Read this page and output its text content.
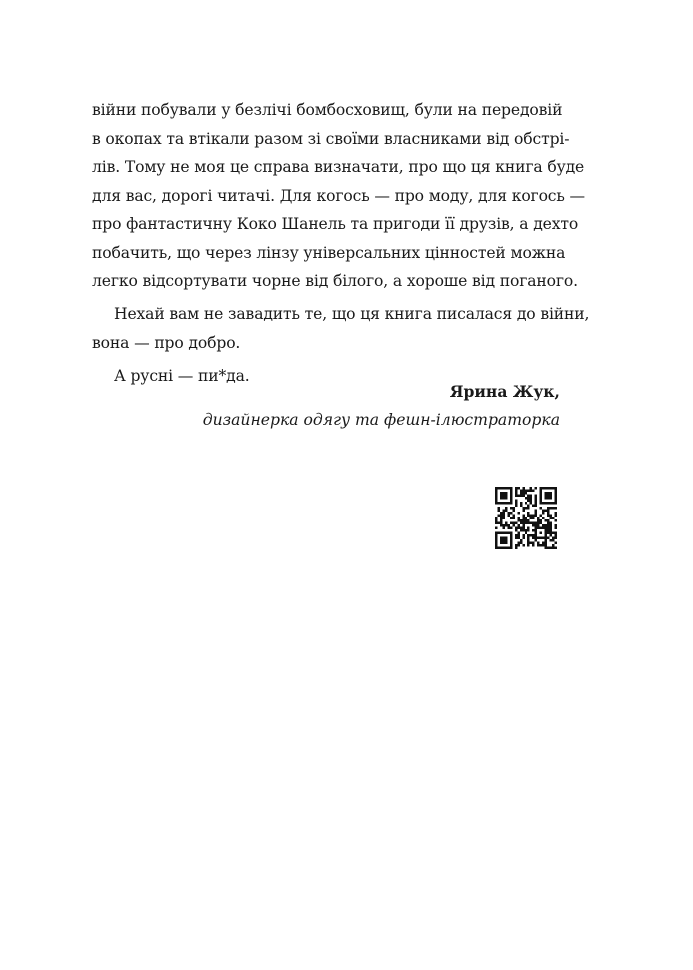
війни побували у безлічі бомбосховищ, були на передовій
в окопах та втікали разом зі своїми власниками від обстрі-
лів. Тому не моя це справа визначати, про що ця книга буде
для вас, дорогі читачі. Для когось — про моду, для когось —
про фантастичну Коко Шанель та пригоди її друзів, а дехто
побачить, що через лінзу універсальних цінностей можна
легко відсортувати чорне від білого, а хороше від поганого.
Нехай вам не завадить те, що ця книга писалася до війни,
вона — про добро.
А русні — пи*да.
Ярина Жук,
дизайнерка одягу та фешн-ілюстраторка
